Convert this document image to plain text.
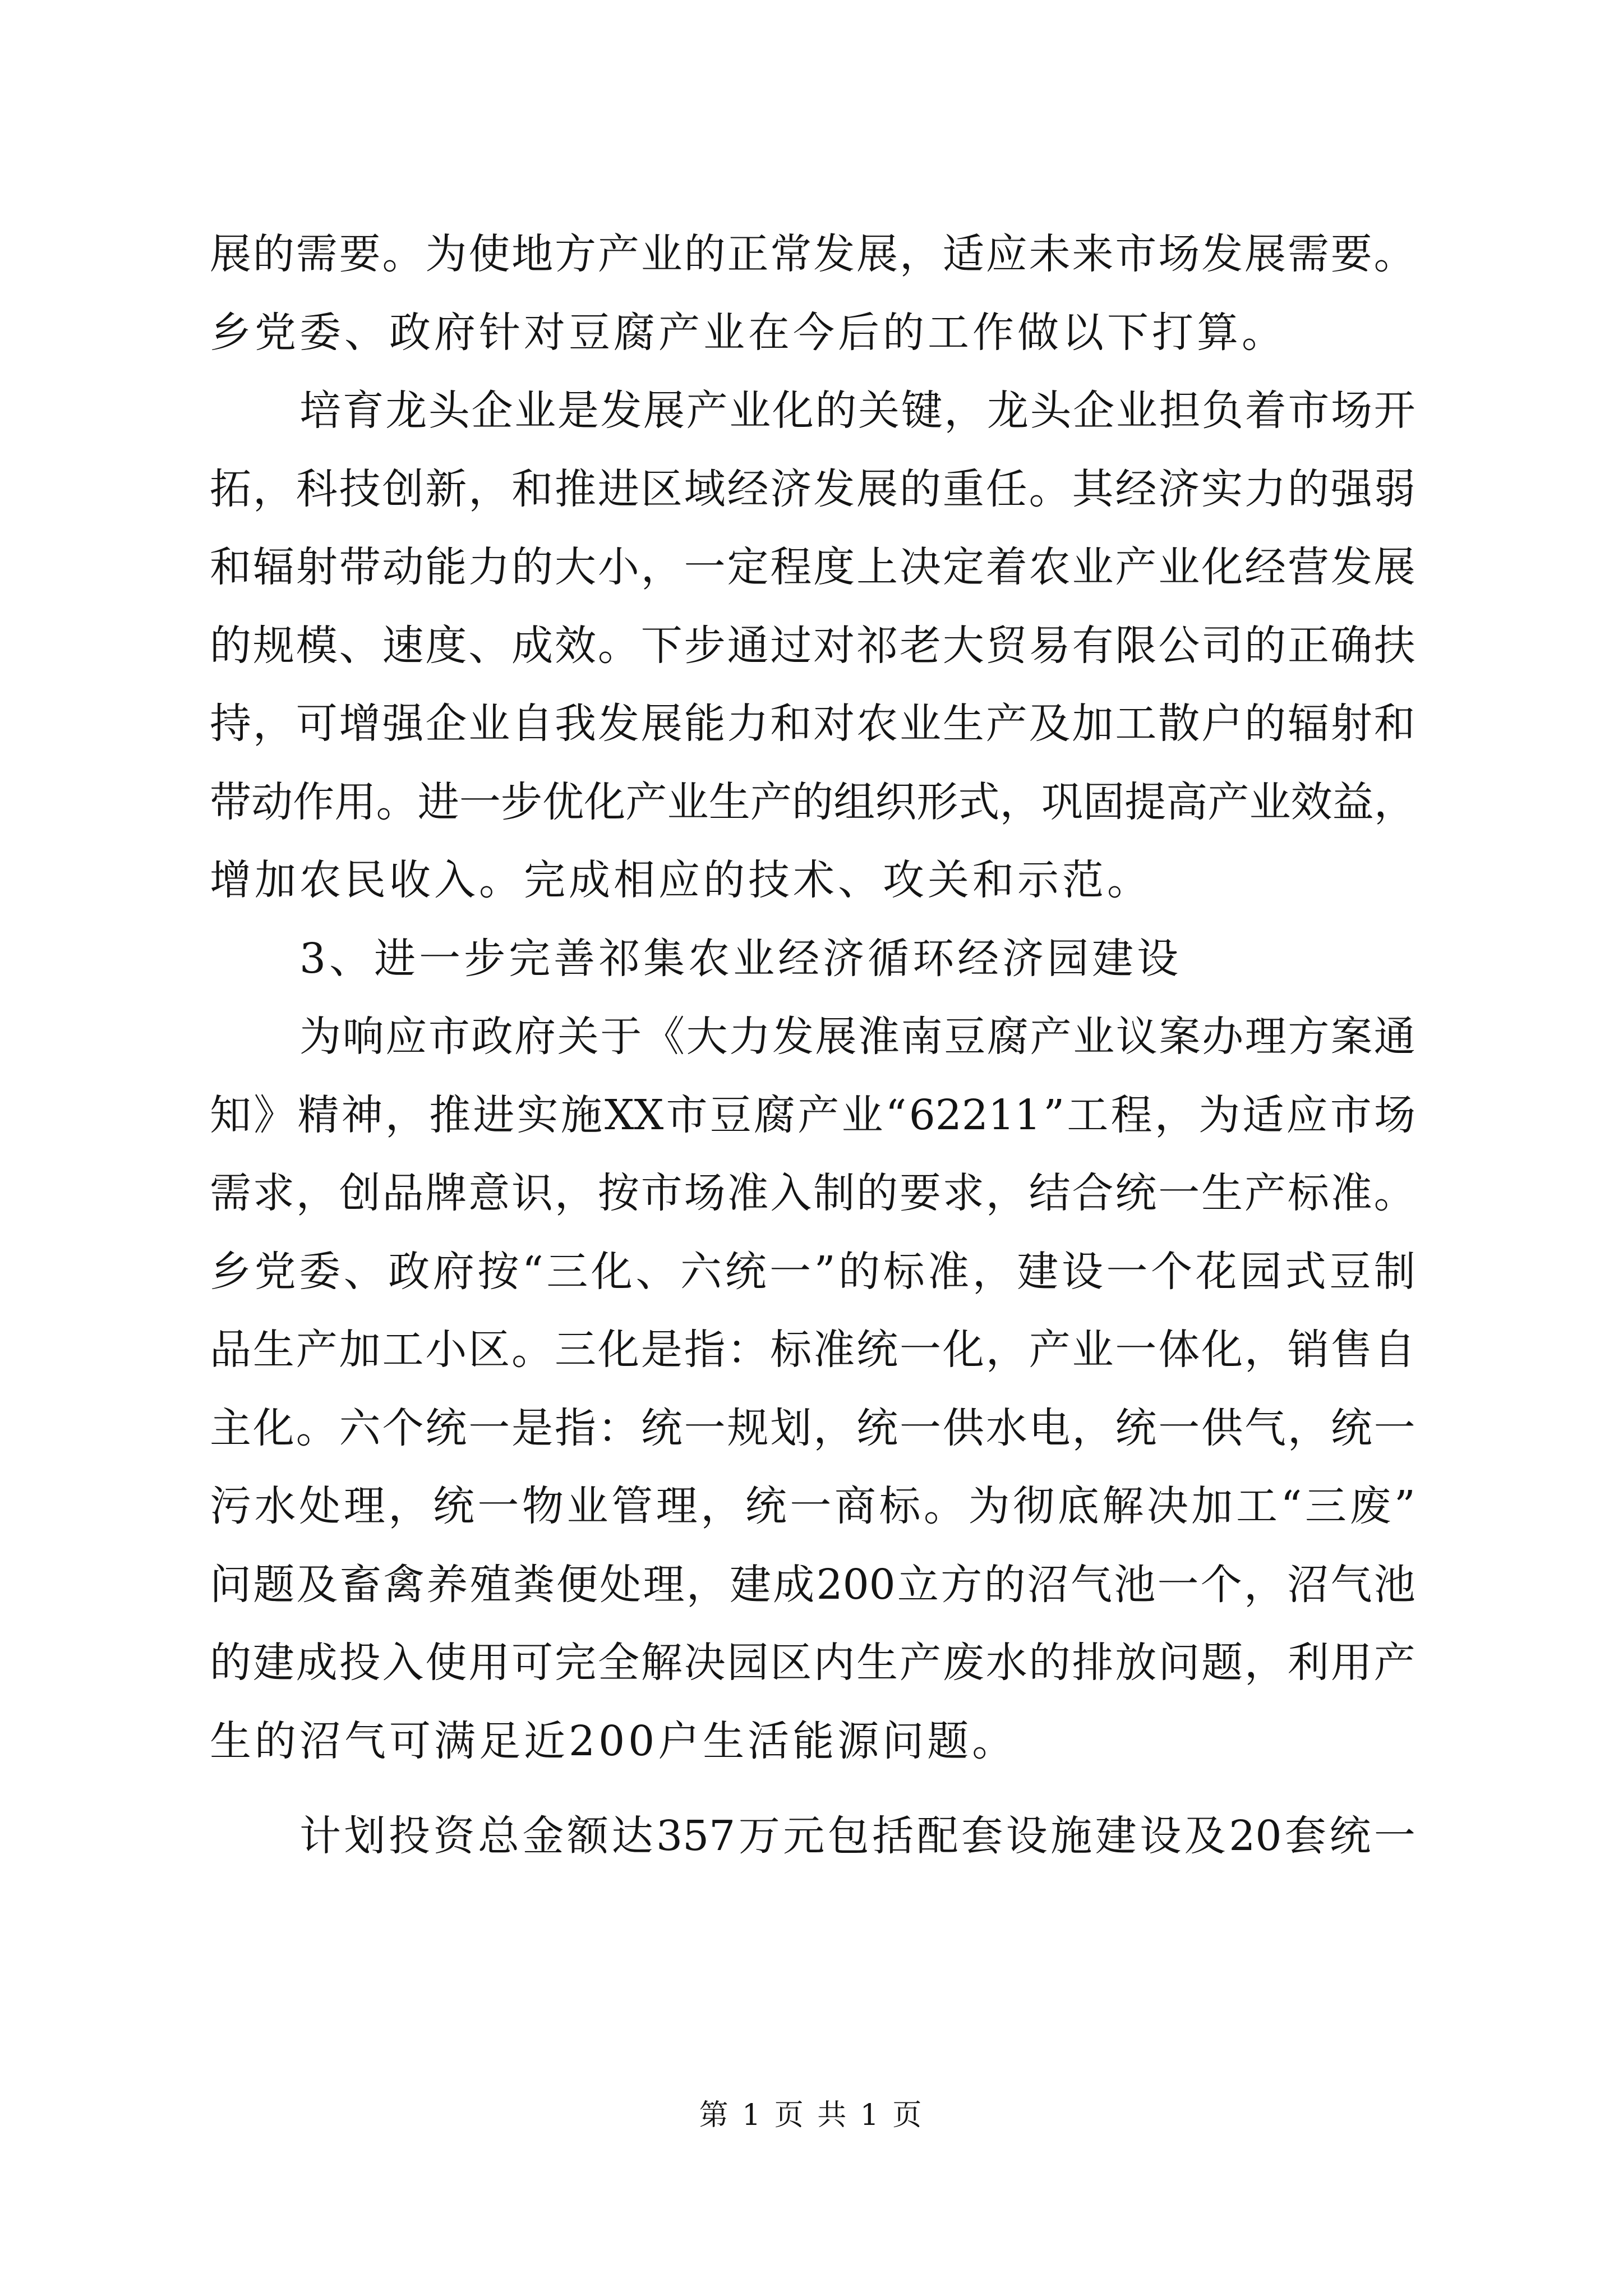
展 的 需 要 。 为 使 地 方 产 业 的 正 常 发 展 ， 适 应 未 来 市 场 发 展 需 要 。
乡党委、政府针对豆腐产业在今后的工作做以下打算。
培 育 龙 头 企 业 是 发 展 产 业 化 的 关 键 ， 龙 头 企 业 担 负 着 市 场 开
拓 ， 科 技 创 新 ， 和 推 进 区 域 经 济 发 展 的 重 任 。 其 经 济 实 力 的 强 弱
和 辐 射 带 动 能 力 的 大 小 ， 一 定 程 度 上 决 定 着 农 业 产 业 化 经 营 发 展
的 规 模 、 速 度 、 成 效 。 下 步 通 过 对 祁 老 大 贸 易 有 限 公 司 的 正 确 扶
持 ， 可 增 强 企 业 自 我 发 展 能 力 和 对 农 业 生 产 及 加 工 散 户 的 辐 射 和
带 动 作 用 。 进 一 步 优 化 产 业 生 产 的 组 织 形 式 ， 巩 固 提 高 产 业 效 益 ，
增加农民收入。完成相应的技术、攻关和示范。
3、进一步完善祁集农业经济循环经济园建设
为 响 应 市 政 府 关 于 《 大 力 发 展 淮 南 豆 腐 产 业 议 案 办 理 方 案 通
知 》 精 神 ， 推 进 实 施 XX 市 豆 腐 产 业 “ 62211 ” 工 程 ， 为 适 应 市 场
需 求 ， 创 品 牌 意 识 ， 按 市 场 准 入 制 的 要 求 ， 结 合 统 一 生 产 标 准 。
乡 党 委 、 政 府 按 “ 三 化 、 六 统 一 ” 的 标 准 ， 建 设 一 个 花 园 式 豆 制
品 生 产 加 工 小 区 。 三 化 是 指 ： 标 准 统 一 化 ， 产 业 一 体 化 ， 销 售 自
主 化 。 六 个 统 一 是 指 ： 统 一 规 划 ， 统 一 供 水 电 ， 统 一 供 气 ， 统 一
污 水 处 理 ， 统 一 物 业 管 理 ， 统 一 商 标 。 为 彻 底 解 决 加 工 “ 三 废 ”
问 题 及 畜 禽 养 殖 粪 便 处 理 ， 建 成 200 立 方 的 沼 气 池 一 个 ， 沼 气 池
的 建 成 投 入 使 用 可 完 全 解 决 园 区 内 生 产 废 水 的 排 放 问 题 ， 利 用 产
生的沼气可满足近200户生活能源问题。
计 划 投 资 总 金 额 达 357 万 元 包 括 配 套 设 施 建 设 及 20 套 统 一
第 1 页 共 1 页
